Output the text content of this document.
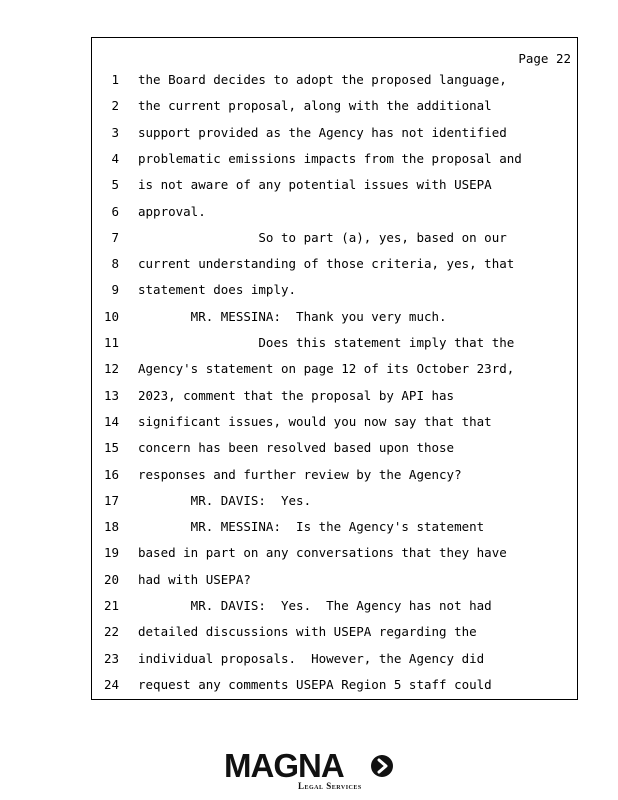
Page 22
1 the Board decides to adopt the proposed language,
2 the current proposal, along with the additional
3 support provided as the Agency has not identified
4 problematic emissions impacts from the proposal and
5 is not aware of any potential issues with USEPA
6 approval.
7 So to part (a), yes, based on our
8 current understanding of those criteria, yes, that
9 statement does imply.
10 MR. MESSINA:  Thank you very much.
11 Does this statement imply that the
12 Agency's statement on page 12 of its October 23rd,
13 2023, comment that the proposal by API has
14 significant issues, would you now say that that
15 concern has been resolved based upon those
16 responses and further review by the Agency?
17 MR. DAVIS:  Yes.
18 MR. MESSINA:  Is the Agency's statement
19 based in part on any conversations that they have
20 had with USEPA?
21 MR. DAVIS:  Yes.  The Agency has not had
22 detailed discussions with USEPA regarding the
23 individual proposals.  However, the Agency did
24 request any comments USEPA Region 5 staff could
MAGNA
Legal Services
